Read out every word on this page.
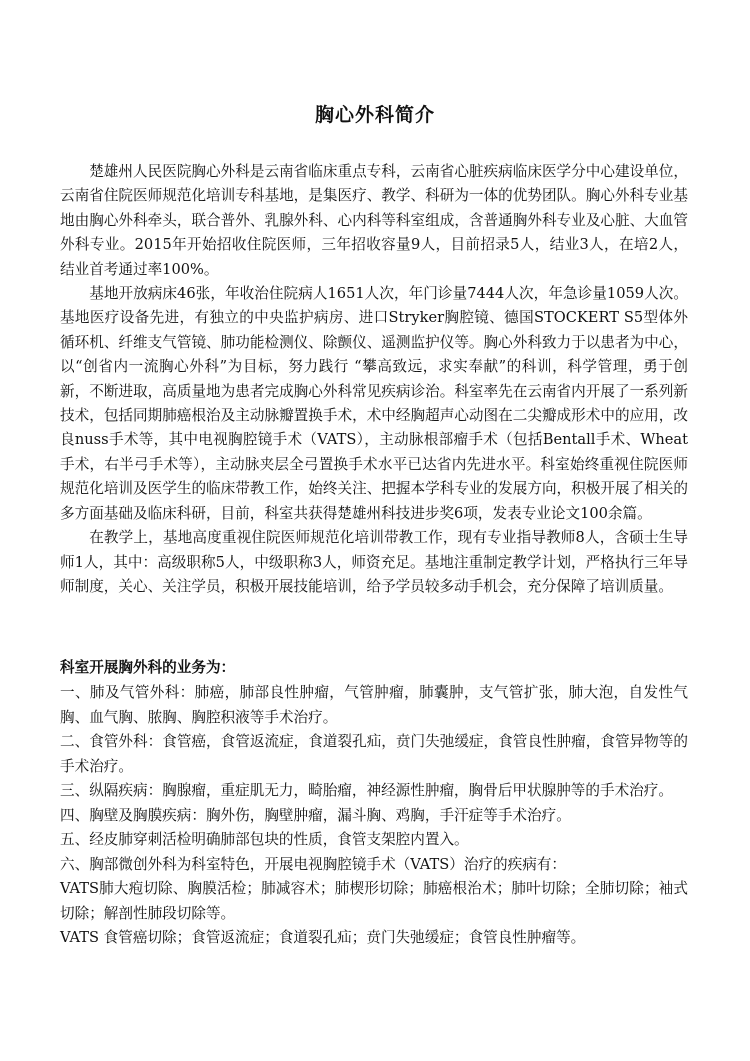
胸心外科简介

楚雄州人民医院胸心外科是云南省临床重点专科，云南省心脏疾病临床医学分中心建设单位，云南省住院医师规范化培训专科基地，是集医疗、教学、科研为一体的优势团队。胸心外科专业基地由胸心外科牵头，联合普外、乳腺外科、心内科等科室组成，含普通胸外科专业及心脏、大血管外科专业。2015年开始招收住院医师，三年招收容量9人，目前招录5人，结业3人，在培2人，结业首考通过率100%。

基地开放病床46张，年收治住院病人1651人次，年门诊量7444人次，年急诊量1059人次。基地医疗设备先进，有独立的中央监护病房、进口Stryker胸腔镜、德国STOCKERT S5型体外循环机、纤维支气管镜、肺功能检测仪、除颤仪、遥测监护仪等。胸心外科致力于以患者为中心，以“创省内一流胸心外科”为目标，努力践行 “攀高致远，求实奉献”的科训，科学管理，勇于创新，不断进取，高质量地为患者完成胸心外科常见疾病诊治。科室率先在云南省内开展了一系列新技术，包括同期肺癌根治及主动脉瓣置换手术，术中经胸超声心动图在二尖瓣成形术中的应用，改良nuss手术等，其中电视胸腔镜手术（VATS），主动脉根部瘤手术（包括Bentall手术、Wheat手术，右半弓手术等），主动脉夹层全弓置换手术水平已达省内先进水平。科室始终重视住院医师规范化培训及医学生的临床带教工作，始终关注、把握本学科专业的发展方向，积极开展了相关的多方面基础及临床科研，目前，科室共获得楚雄州科技进步奖6项，发表专业论文100余篇。

在教学上，基地高度重视住院医师规范化培训带教工作，现有专业指导教师8人，含硕士生导师1人，其中：高级职称5人，中级职称3人，师资充足。基地注重制定教学计划，严格执行三年导师制度，关心、关注学员，积极开展技能培训，给予学员较多动手机会，充分保障了培训质量。

科室开展胸外科的业务为：

一、肺及气管外科：肺癌，肺部良性肿瘤，气管肿瘤，肺囊肿，支气管扩张，肺大泡，自发性气胸、血气胸、脓胸、胸腔积液等手术治疗。

二、食管外科：食管癌，食管返流症，食道裂孔疝，贲门失弛缓症，食管良性肿瘤，食管异物等的手术治疗。

三、纵隔疾病：胸腺瘤，重症肌无力，畸胎瘤，神经源性肿瘤，胸骨后甲状腺肿等的手术治疗。

四、胸壁及胸膜疾病：胸外伤，胸壁肿瘤，漏斗胸、鸡胸，手汗症等手术治疗。

五、经皮肺穿刺活检明确肺部包块的性质，食管支架腔内置入。

六、胸部微创外科为科室特色，开展电视胸腔镜手术（VATS）治疗的疾病有：

VATS肺大疱切除、胸膜活检；肺减容术；肺楔形切除；肺癌根治术；肺叶切除；全肺切除；袖式切除；解剖性肺段切除等。

VATS 食管癌切除；食管返流症；食道裂孔疝；贲门失弛缓症；食管良性肿瘤等。
